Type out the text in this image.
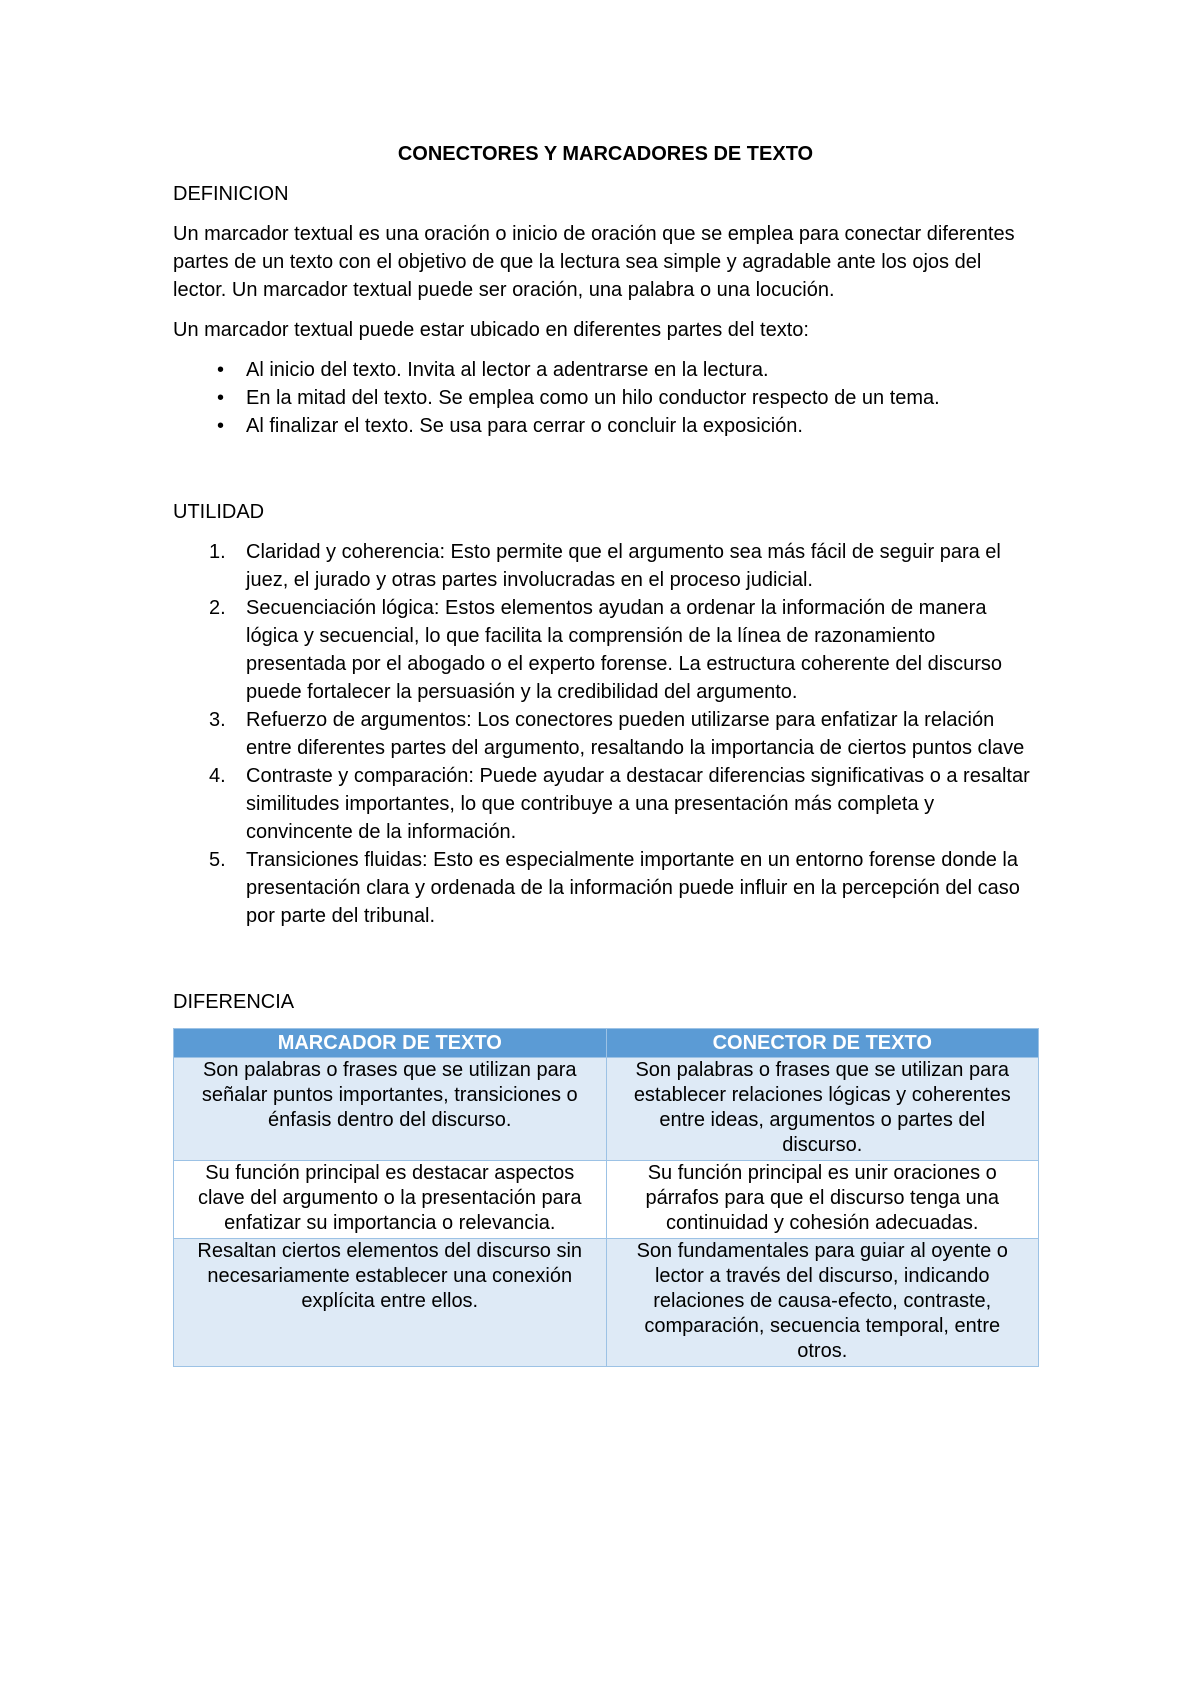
CONECTORES Y MARCADORES DE TEXTO
DEFINICION

Un marcador textual es una oración o inicio de oración que se emplea para conectar diferentes partes de un texto con el objetivo de que la lectura sea simple y agradable ante los ojos del lector. Un marcador textual puede ser oración, una palabra o una locución.

Un marcador textual puede estar ubicado en diferentes partes del texto:

• Al inicio del texto. Invita al lector a adentrarse en la lectura.
• En la mitad del texto. Se emplea como un hilo conductor respecto de un tema.
• Al finalizar el texto. Se usa para cerrar o concluir la exposición.
UTILIDAD
1. Claridad y coherencia: Esto permite que el argumento sea más fácil de seguir para el juez, el jurado y otras partes involucradas en el proceso judicial.
2. Secuenciación lógica: Estos elementos ayudan a ordenar la información de manera lógica y secuencial, lo que facilita la comprensión de la línea de razonamiento presentada por el abogado o el experto forense. La estructura coherente del discurso puede fortalecer la persuasión y la credibilidad del argumento.
3. Refuerzo de argumentos: Los conectores pueden utilizarse para enfatizar la relación entre diferentes partes del argumento, resaltando la importancia de ciertos puntos clave
4. Contraste y comparación: Puede ayudar a destacar diferencias significativas o a resaltar similitudes importantes, lo que contribuye a una presentación más completa y convincente de la información.
5. Transiciones fluidas: Esto es especialmente importante en un entorno forense donde la presentación clara y ordenada de la información puede influir en la percepción del caso por parte del tribunal.
DIFERENCIA
MARCADOR DE TEXTO	CONECTOR DE TEXTO
Son palabras o frases que se utilizan para señalar puntos importantes, transiciones o énfasis dentro del discurso.	Son palabras o frases que se utilizan para establecer relaciones lógicas y coherentes entre ideas, argumentos o partes del discurso.
Su función principal es destacar aspectos clave del argumento o la presentación para enfatizar su importancia o relevancia.	Su función principal es unir oraciones o párrafos para que el discurso tenga una continuidad y cohesión adecuadas.
Resaltan ciertos elementos del discurso sin necesariamente establecer una conexión explícita entre ellos.	Son fundamentales para guiar al oyente o lector a través del discurso, indicando relaciones de causa-efecto, contraste, comparación, secuencia temporal, entre otros.
